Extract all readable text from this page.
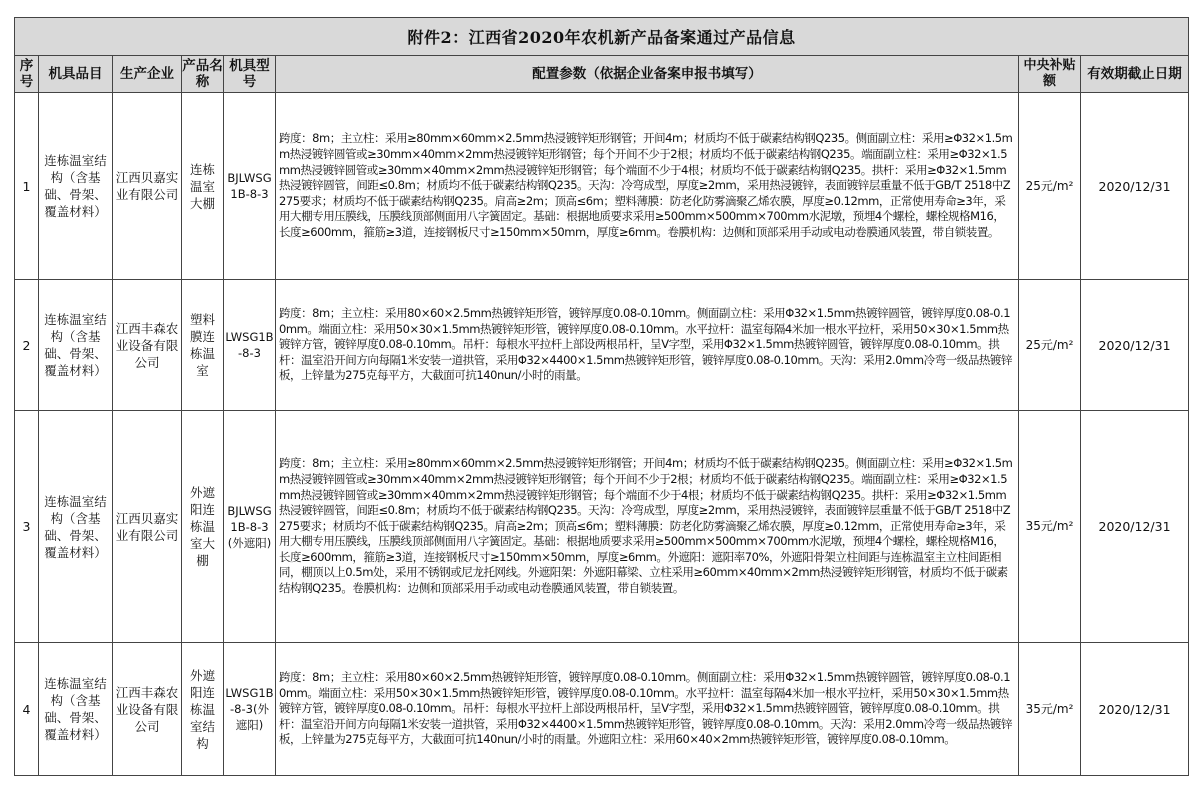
附件2：江西省2020年农机新产品备案通过产品信息							
序号	机具品目	生产企业	产品名称	机具型号	配置参数（依据企业备案申报书填写）	中央补贴额	有效期截止日期
1	连栋温室结构（含基础、骨架、覆盖材料）	江西贝嘉实业有限公司	连栋温室大棚	BJLWSG1B-8-3	跨度：8m；主立柱：采用≥80mm×60mm×2.5mm热浸镀锌矩形钢管；开间4m；材质均不低于碳素结构钢Q235。侧面副立柱：采用≥Φ32×1.5mm热浸镀锌圆管或≥30mm×40mm×2mm热浸镀锌矩形钢管；每个开间不少于2根；材质均不低于碳素结构钢Q235。端面副立柱：采用≥Φ32×1.5mm热浸镀锌圆管或≥30mm×40mm×2mm热浸镀锌矩形钢管；每个端面不少于4根；材质均不低于碳素结构钢Q235。拱杆：采用≥Φ32×1.5mm热浸镀锌圆管，间距≤0.8m；材质均不低于碳素结构钢Q235。天沟：冷弯成型，厚度≥2mm，采用热浸镀锌，表面镀锌层重量不低于GB/T 2518中Z275要求；材质均不低于碳素结构钢Q235。肩高≥2m；顶高≤6m；塑料薄膜：防老化防雾滴聚乙烯农膜，厚度≥0.12mm，正常使用寿命≥3年，采用大棚专用压膜线，压膜线顶部侧面用八字簧固定。基础：根据地质要求采用≥500mm×500mm×700mm水泥墩，预埋4个螺栓，螺栓规格M16，长度≥600mm，箍筋≥3道，连接钢板尺寸≥150mm×50mm，厚度≥6mm。卷膜机构：边侧和顶部采用手动或电动卷膜通风装置，带自锁装置。	25元/m²	2020/12/31
2	连栋温室结构（含基础、骨架、覆盖材料）	江西丰森农业设备有限公司	塑料膜连栋温室	LWSG1B-8-3	跨度：8m；主立柱：采用80×60×2.5mm热镀锌矩形管，镀锌厚度0.08-0.10mm。侧面副立柱：采用Φ32×1.5mm热镀锌圆管，镀锌厚度0.08-0.10mm。端面立柱：采用50×30×1.5mm热镀锌矩形管，镀锌厚度0.08-0.10mm。水平拉杆：温室每隔4米加一根水平拉杆，采用50×30×1.5mm热镀锌方管，镀锌厚度0.08-0.10mm。吊杆：每根水平拉杆上部设两根吊杆，呈V字型，采用Φ32×1.5mm热镀锌圆管，镀锌厚度0.08-0.10mm。拱杆：温室沿开间方向每隔1米安装一道拱管，采用Φ32×4400×1.5mm热镀锌矩形管，镀锌厚度0.08-0.10mm。天沟：采用2.0mm冷弯一级品热镀锌板，上锌量为275克每平方，大截面可抗140nun/小时的雨量。	25元/m²	2020/12/31
3	连栋温室结构（含基础、骨架、覆盖材料）	江西贝嘉实业有限公司	外遮阳连栋温室大棚	BJLWSG1B-8-3(外遮阳)	跨度：8m；主立柱：采用≥80mm×60mm×2.5mm热浸镀锌矩形钢管；开间4m；材质均不低于碳素结构钢Q235。侧面副立柱：采用≥Φ32×1.5mm热浸镀锌圆管或≥30mm×40mm×2mm热浸镀锌矩形钢管；每个开间不少于2根；材质均不低于碳素结构钢Q235。端面副立柱：采用≥Φ32×1.5mm热浸镀锌圆管或≥30mm×40mm×2mm热浸镀锌矩形钢管；每个端面不少于4根；材质均不低于碳素结构钢Q235。拱杆：采用≥Φ32×1.5mm热浸镀锌圆管，间距≤0.8m；材质均不低于碳素结构钢Q235。天沟：冷弯成型，厚度≥2mm，采用热浸镀锌，表面镀锌层重量不低于GB/T 2518中Z275要求；材质均不低于碳素结构钢Q235。肩高≥2m；顶高≤6m；塑料薄膜：防老化防雾滴聚乙烯农膜，厚度≥0.12mm，正常使用寿命≥3年，采用大棚专用压膜线，压膜线顶部侧面用八字簧固定。基础：根据地质要求采用≥500mm×500mm×700mm水泥墩，预埋4个螺栓，螺栓规格M16，长度≥600mm，箍筋≥3道，连接钢板尺寸≥150mm×50mm，厚度≥6mm。外遮阳：遮阳率70%，外遮阳骨架立柱间距与连栋温室主立柱间距相同，棚顶以上0.5m处，采用不锈钢或尼龙托网线。外遮阳架：外遮阳幕梁、立柱采用≥60mm×40mm×2mm热浸镀锌矩形钢管，材质均不低于碳素结构钢Q235。卷膜机构：边侧和顶部采用手动或电动卷膜通风装置，带自锁装置。	35元/m²	2020/12/31
4	连栋温室结构（含基础、骨架、覆盖材料）	江西丰森农业设备有限公司	外遮阳连栋温室结构	LWSG1B-8-3(外遮阳)	跨度：8m；主立柱：采用80×60×2.5mm热镀锌矩形管，镀锌厚度0.08-0.10mm。侧面副立柱：采用Φ32×1.5mm热镀锌圆管，镀锌厚度0.08-0.10mm。端面立柱：采用50×30×1.5mm热镀锌矩形管，镀锌厚度0.08-0.10mm。水平拉杆：温室每隔4米加一根水平拉杆，采用50×30×1.5mm热镀锌方管，镀锌厚度0.08-0.10mm。吊杆：每根水平拉杆上部设两根吊杆，呈V字型，采用Φ32×1.5mm热镀锌圆管，镀锌厚度0.08-0.10mm。拱杆：温室沿开间方向每隔1米安装一道拱管，采用Φ32×4400×1.5mm热镀锌矩形管，镀锌厚度0.08-0.10mm。天沟：采用2.0mm冷弯一级品热镀锌板，上锌量为275克每平方，大截面可抗140nun/小时的雨量。外遮阳立柱：采用60×40×2mm热镀锌矩形管，镀锌厚度0.08-0.10mm。	35元/m²	2020/12/31
